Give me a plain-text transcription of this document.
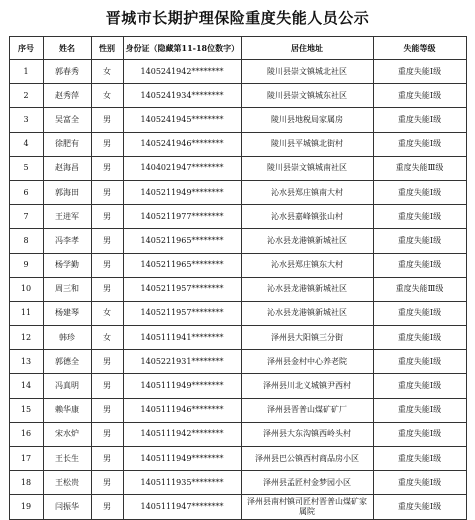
晋城市长期护理保险重度失能人员公示
序号	姓名	性别	身份证（隐藏第11-18位数字）	居住地址	失能等级
1	郭春秀	女	1405241942********	陵川县崇文镇城北社区	重度失能Ⅰ级
2	赵秀萍	女	1405241934********	陵川县崇文镇城东社区	重度失能Ⅰ级
3	吴富全	男	1405241945********	陵川县地税局家属房	重度失能Ⅰ级
4	徐肥有	男	1405241946********	陵川县平城镇北街村	重度失能Ⅰ级
5	赵海昌	男	1404021947********	陵川县崇文镇城南社区	重度失能Ⅲ级
6	郭海田	男	1405211949********	沁水县郑庄镇南大村	重度失能Ⅰ级
7	王进军	男	1405211977********	沁水县嘉峰镇张山村	重度失能Ⅰ级
8	冯李孝	男	1405211965********	沁水县龙港镇新城社区	重度失能Ⅰ级
9	杨学勤	男	1405211965********	沁水县郑庄镇东大村	重度失能Ⅰ级
10	周三和	男	1405211957********	沁水县龙港镇新城社区	重度失能Ⅲ级
11	杨建琴	女	1405211957********	沁水县龙港镇新城社区	重度失能Ⅰ级
12	韩珍	女	1405111941********	泽州县大阳镇三分街	重度失能Ⅰ级
13	郭德全	男	1405221931********	泽州县金村中心养老院	重度失能Ⅰ级
14	冯真明	男	1405111949********	泽州县川北义城镇尹西村	重度失能Ⅰ级
15	赖华康	男	1405111946********	泽州县晋普山煤矿矿厂	重度失能Ⅰ级
16	宋水炉	男	1405111942********	泽州县大东沟镇西岭头村	重度失能Ⅰ级
17	王长生	男	1405111949********	泽州县巴公镇西村商品房小区	重度失能Ⅰ级
18	王松贵	男	1405111935********	泽州县孟匠村金梦园小区	重度失能Ⅰ级
19	闫振华	男	1405111947********	泽州县南村镇司匠村晋普山煤矿家属院	重度失能Ⅰ级
